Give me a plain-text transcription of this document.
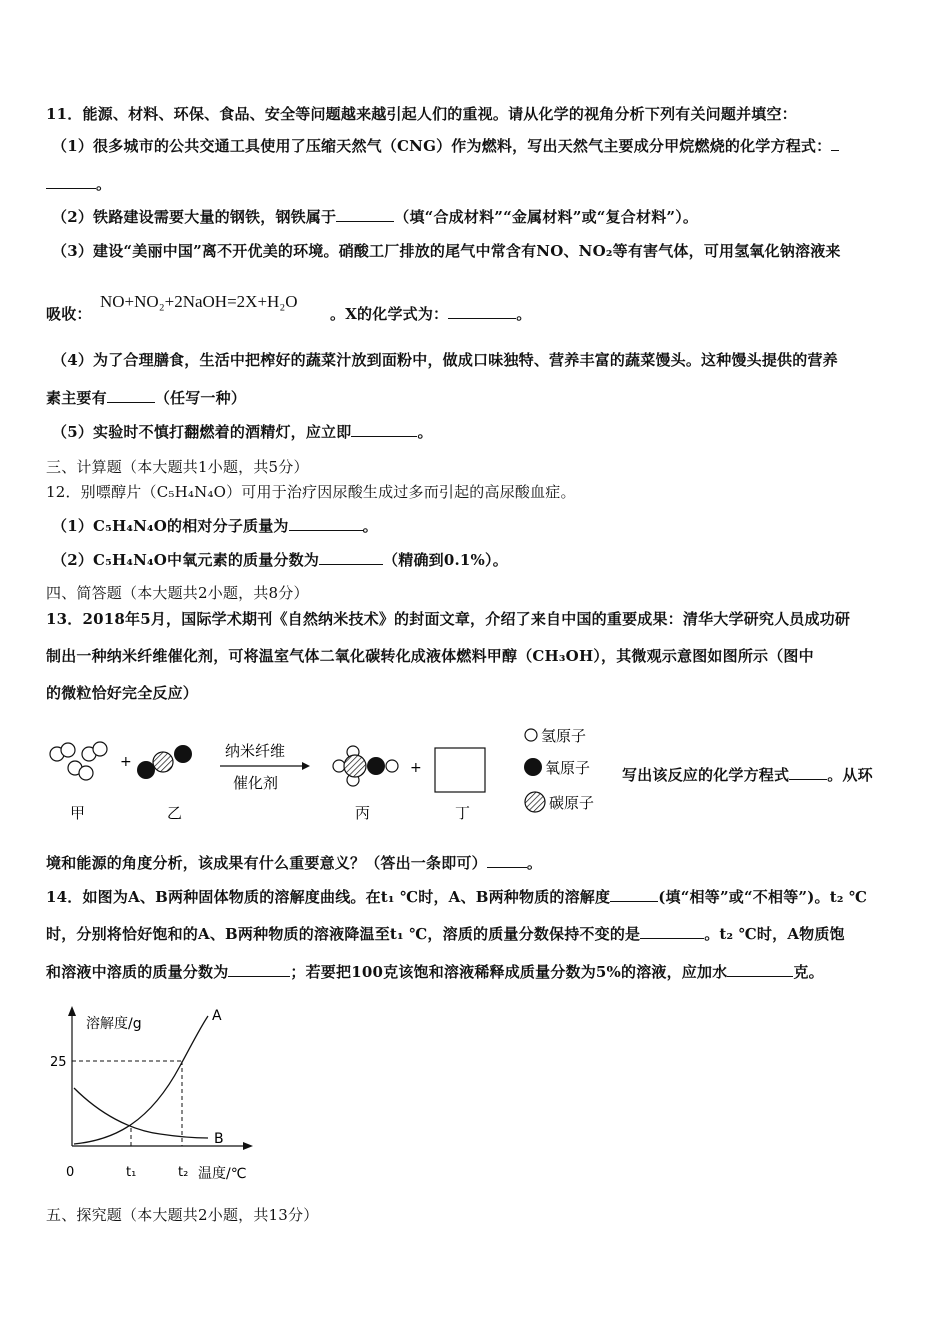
11．能源、材料、环保、食品、安全等问题越来越引起人们的重视。请从化学的视角分析下列有关问题并填空：
（1）很多城市的公共交通工具使用了压缩天然气（CNG）作为燃料，写出天然气主要成分甲烷燃烧的化学方程式：
。
（2）铁路建设需要大量的钢铁，钢铁属于	（填“合成材料”“金属材料”或“复合材料”）。
（3）建设“美丽中国”离不开优美的环境。硝酸工厂排放的尾气中常含有NO、NO₂等有害气体，可用氢氧化钠溶液来
吸收：
NO+NO₂+2NaOH=2X+H₂O
。X的化学式为：	。
（4）为了合理膳食，生活中把榨好的蔬菜汁放到面粉中，做成口味独特、营养丰富的蔬菜馒头。这种馒头提供的营养
素主要有	（任写一种）
（5）实验时不慎打翻燃着的酒精灯，应立即	。
三、计算题（本大题共1小题，共5分）
12．别嘌醇片（C₅H₄N₄O）可用于治疗因尿酸生成过多而引起的高尿酸血症。
（1）C₅H₄N₄O的相对分子质量为	。
（2）C₅H₄N₄O中氧元素的质量分数为	（精确到0.1%）。
四、简答题（本大题共2小题，共8分）
13．2018年5月，国际学术期刊《自然纳米技术》的封面文章，介绍了来自中国的重要成果：清华大学研究人员成功研
制出一种纳米纤维催化剂，可将温室气体二氧化碳转化成液体燃料甲醇（CH₃OH），其微观示意图如图所示（图中
的微粒恰好完全反应）
+
纳米纤维
催化剂
+
甲	乙	丙	丁
氢原子
氧原子
碳原子
写出该反应的化学方程式	。从环
境和能源的角度分析，该成果有什么重要意义？（答出一条即可）	。
14．如图为A、B两种固体物质的溶解度曲线。在t₁ ℃时，A、B两种物质的溶解度	(填“相等”或“不相等”)。t₂ ℃
时，分别将恰好饱和的A、B两种物质的溶液降温至t₁ ℃，溶质的质量分数保持不变的是	。t₂ ℃时，A物质饱
和溶液中溶质的质量分数为	；若要把100克该饱和溶液稀释成质量分数为5%的溶液，应加水	克。
溶解度/g
温度/℃
25
0	t₁	t₂
A
B
五、探究题（本大题共2小题，共13分）
